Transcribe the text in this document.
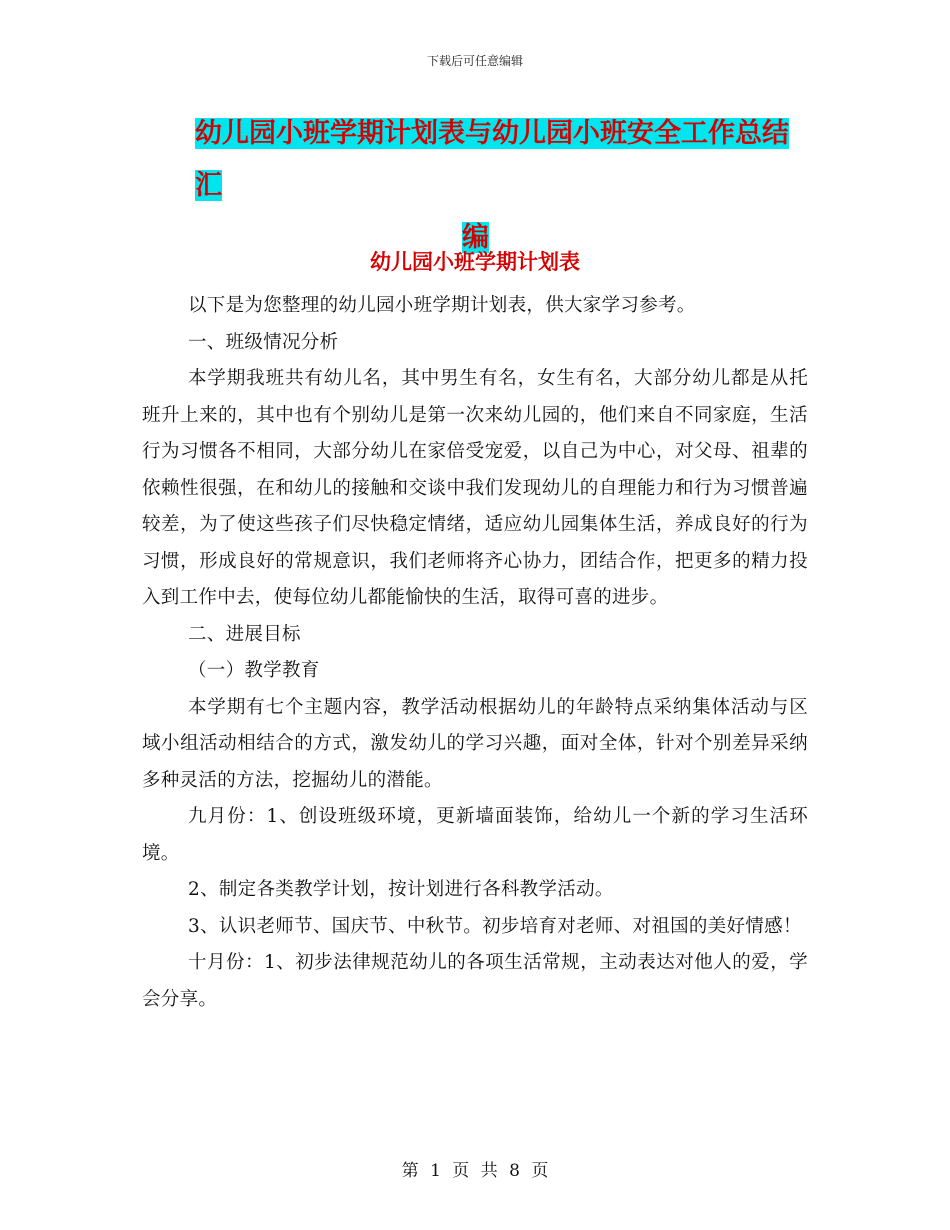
下载后可任意编辑
幼儿园小班学期计划表与幼儿园小班安全工作总结汇

编
幼儿园小班学期计划表

以下是为您整理的幼儿园小班学期计划表，供大家学习参考。

一、班级情况分析

本学期我班共有幼儿名，其中男生有名，女生有名，大部分幼儿都是从托班升上来的，其中也有个别幼儿是第一次来幼儿园的，他们来自不同家庭，生活行为习惯各不相同，大部分幼儿在家倍受宠爱，以自己为中心，对父母、祖辈的依赖性很强，在和幼儿的接触和交谈中我们发现幼儿的自理能力和行为习惯普遍较差，为了使这些孩子们尽快稳定情绪，适应幼儿园集体生活，养成良好的行为习惯，形成良好的常规意识，我们老师将齐心协力，团结合作，把更多的精力投入到工作中去，使每位幼儿都能愉快的生活，取得可喜的进步。

二、进展目标

（一）教学教育

本学期有七个主题内容，教学活动根据幼儿的年龄特点采纳集体活动与区域小组活动相结合的方式，激发幼儿的学习兴趣，面对全体，针对个别差异采纳多种灵活的方法，挖掘幼儿的潜能。

九月份：1、创设班级环境，更新墙面装饰，给幼儿一个新的学习生活环境。

2、制定各类教学计划，按计划进行各科教学活动。

3、认识老师节、国庆节、中秋节。初步培育对老师、对祖国的美好情感！

十月份：1、初步法律规范幼儿的各项生活常规，主动表达对他人的爱，学会分享。

第 1 页 共 8 页
